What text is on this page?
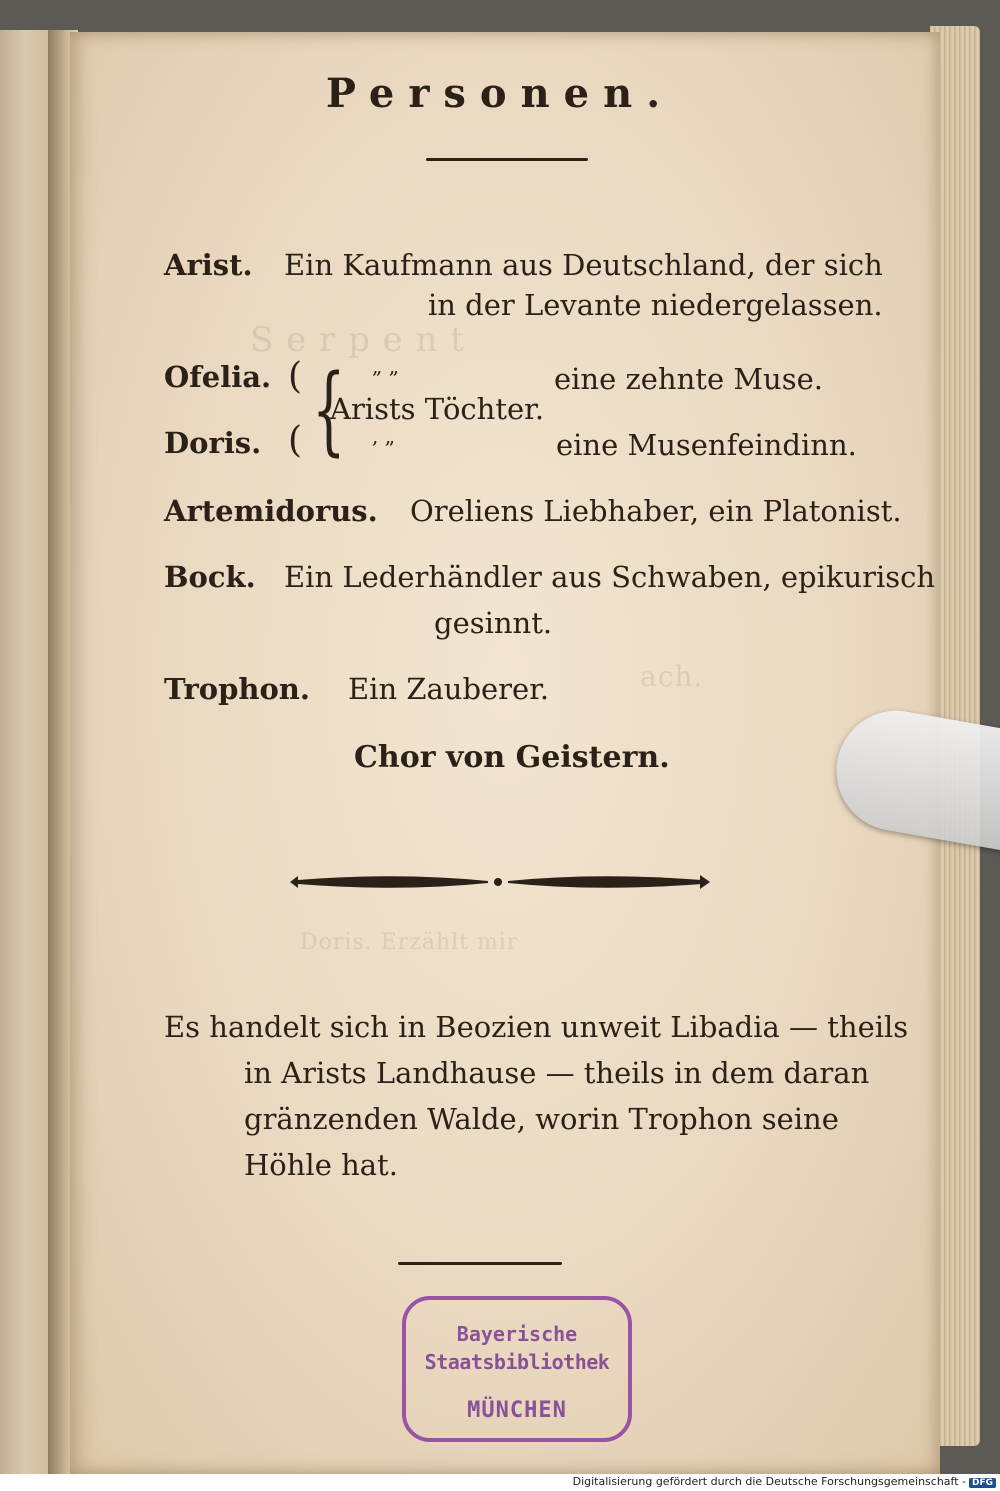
S e r p e n t
ach.
Doris. Erzählt mir
Personen.
Arist. Ein Kaufmann aus Deutschland, der sich
in der Levante niedergelassen.
Ofelia. (	„ „	eine zehnte Muse.
{
Arists Töchter.
Doris. (	, „	eine Musenfeindinn.
Artemidorus. Oreliens Liebhaber, ein Platonist.
Bock. Ein Lederhändler aus Schwaben, epikurisch
gesinnt.
Trophon. Ein Zauberer.
Chor von Geistern.
Es handelt sich in Beozien unweit Libadia — theils
in Arists Landhause — theils in dem daran
gränzenden Walde, worin Trophon seine
Höhle hat.
Bayerische
Staatsbibliothek
MÜNCHEN
Digitalisierung gefördert durch die Deutsche Forschungsgemeinschaft - DFG
